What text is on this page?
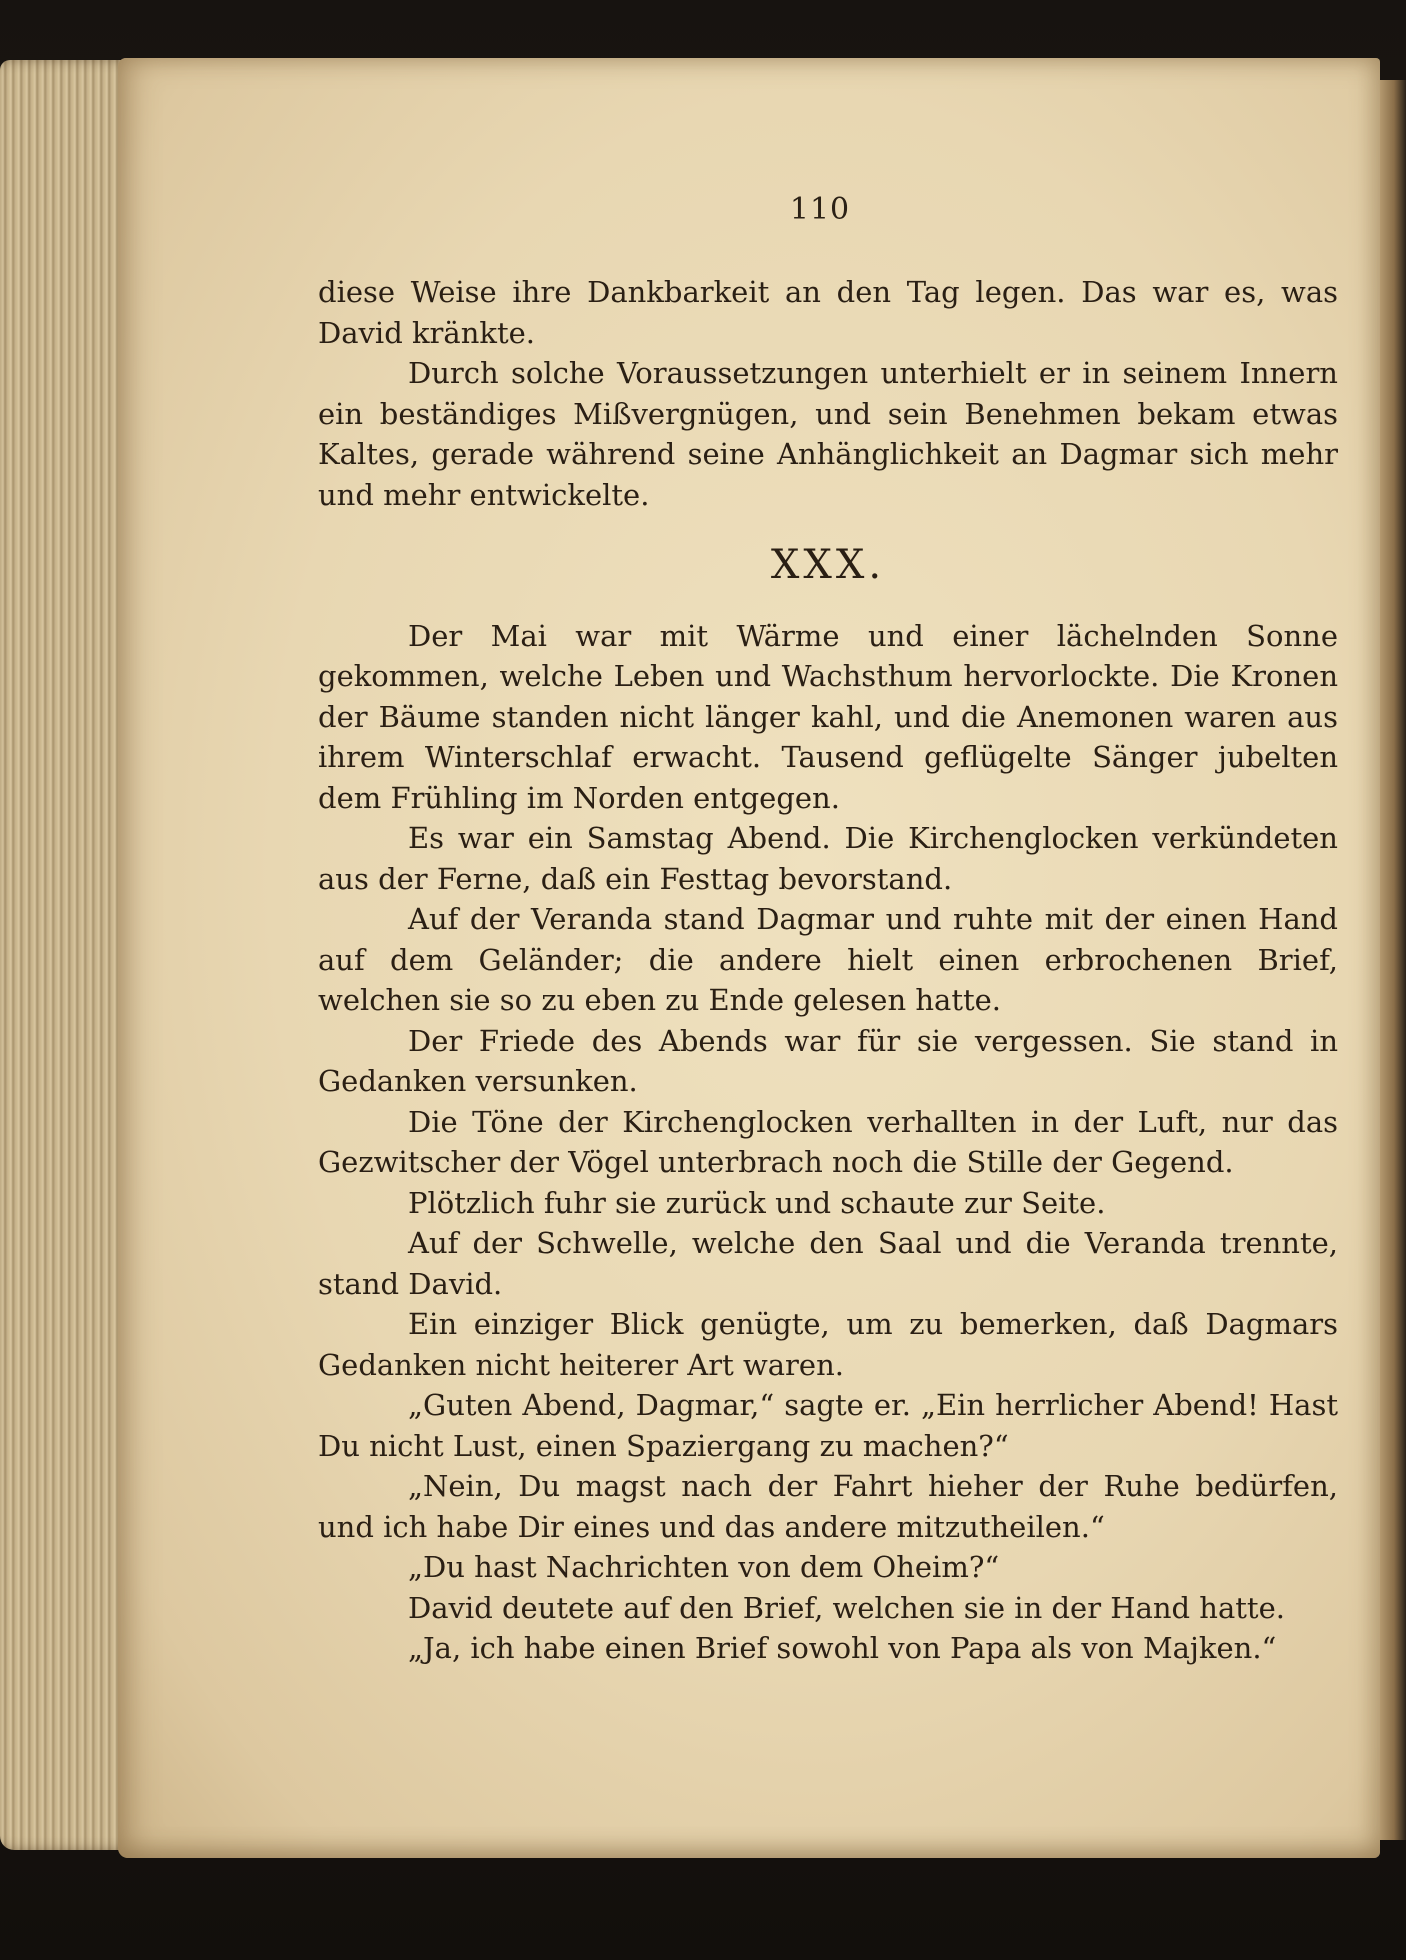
110

diese Weise ihre Dankbarkeit an den Tag legen. Das war es, was David kränkte.

Durch solche Voraussetzungen unterhielt er in seinem Innern ein beständiges Mißvergnügen, und sein Benehmen bekam etwas Kaltes, gerade während seine Anhänglichkeit an Dagmar sich mehr und mehr entwickelte.

XXX.

Der Mai war mit Wärme und einer lächelnden Sonne gekommen, welche Leben und Wachsthum hervorlockte. Die Kronen der Bäume standen nicht länger kahl, und die Anemonen waren aus ihrem Winterschlaf erwacht. Tausend geflügelte Sänger jubelten dem Frühling im Norden entgegen.

Es war ein Samstag Abend. Die Kirchenglocken verkündeten aus der Ferne, daß ein Festtag bevorstand.

Auf der Veranda stand Dagmar und ruhte mit der einen Hand auf dem Geländer; die andere hielt einen erbrochenen Brief, welchen sie so zu eben zu Ende gelesen hatte.

Der Friede des Abends war für sie vergessen. Sie stand in Gedanken versunken.

Die Töne der Kirchenglocken verhallten in der Luft, nur das Gezwitscher der Vögel unterbrach noch die Stille der Gegend.

Plötzlich fuhr sie zurück und schaute zur Seite.

Auf der Schwelle, welche den Saal und die Veranda trennte, stand David.

Ein einziger Blick genügte, um zu bemerken, daß Dagmars Gedanken nicht heiterer Art waren.

„Guten Abend, Dagmar,“ sagte er. „Ein herrlicher Abend! Hast Du nicht Lust, einen Spaziergang zu machen?“

„Nein, Du magst nach der Fahrt hieher der Ruhe bedürfen, und ich habe Dir eines und das andere mitzutheilen.“

„Du hast Nachrichten von dem Oheim?“

David deutete auf den Brief, welchen sie in der Hand hatte.

„Ja, ich habe einen Brief sowohl von Papa als von Majken.“
